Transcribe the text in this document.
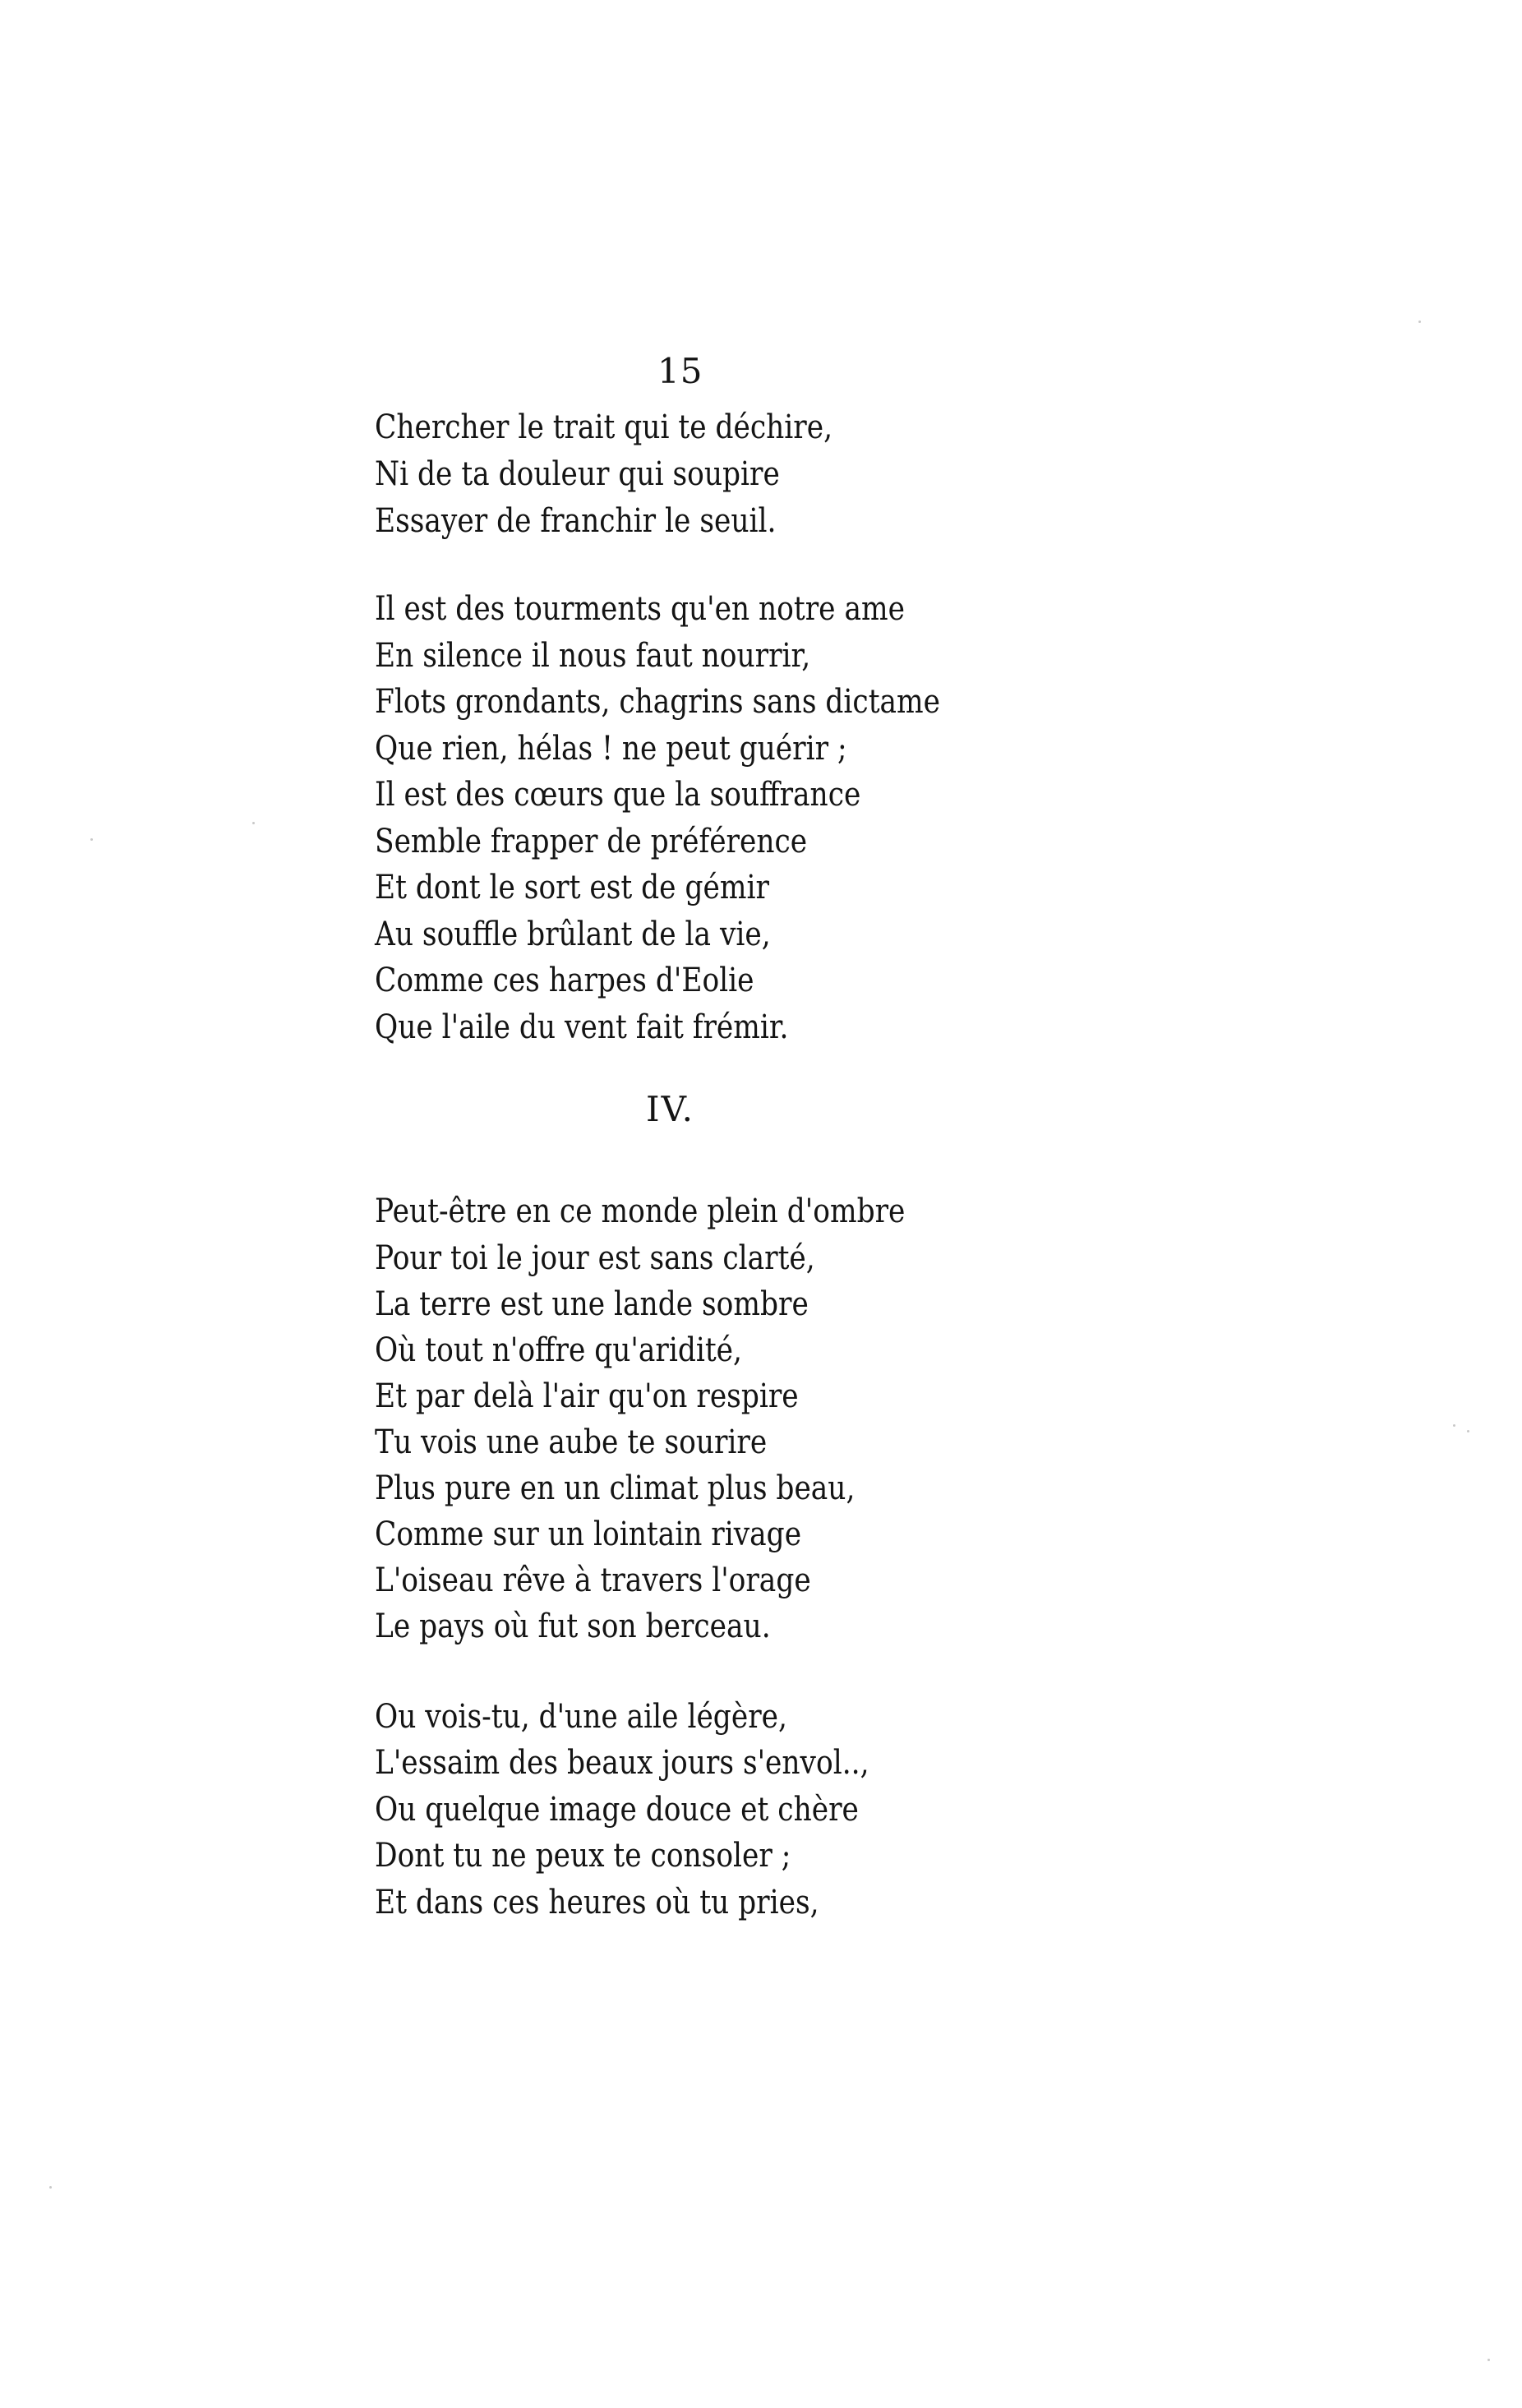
15
Chercher le trait qui te déchire,
Ni de ta douleur qui soupire
Essayer de franchir le seuil.
Il est des tourments qu'en notre ame
En silence il nous faut nourrir,
Flots grondants, chagrins sans dictame
Que rien, hélas ! ne peut guérir ;
Il est des cœurs que la souffrance
Semble frapper de préférence
Et dont le sort est de gémir
Au souffle brûlant de la vie,
Comme ces harpes d'Eolie
Que l'aile du vent fait frémir.
IV.
Peut-être en ce monde plein d'ombre
Pour toi le jour est sans clarté,
La terre est une lande sombre
Où tout n'offre qu'aridité,
Et par delà l'air qu'on respire
Tu vois une aube te sourire
Plus pure en un climat plus beau,
Comme sur un lointain rivage
L'oiseau rêve à travers l'orage
Le pays où fut son berceau.
Ou vois-tu, d'une aile légère,
L'essaim des beaux jours s'envol..,
Ou quelque image douce et chère
Dont tu ne peux te consoler ;
Et dans ces heures où tu pries,
